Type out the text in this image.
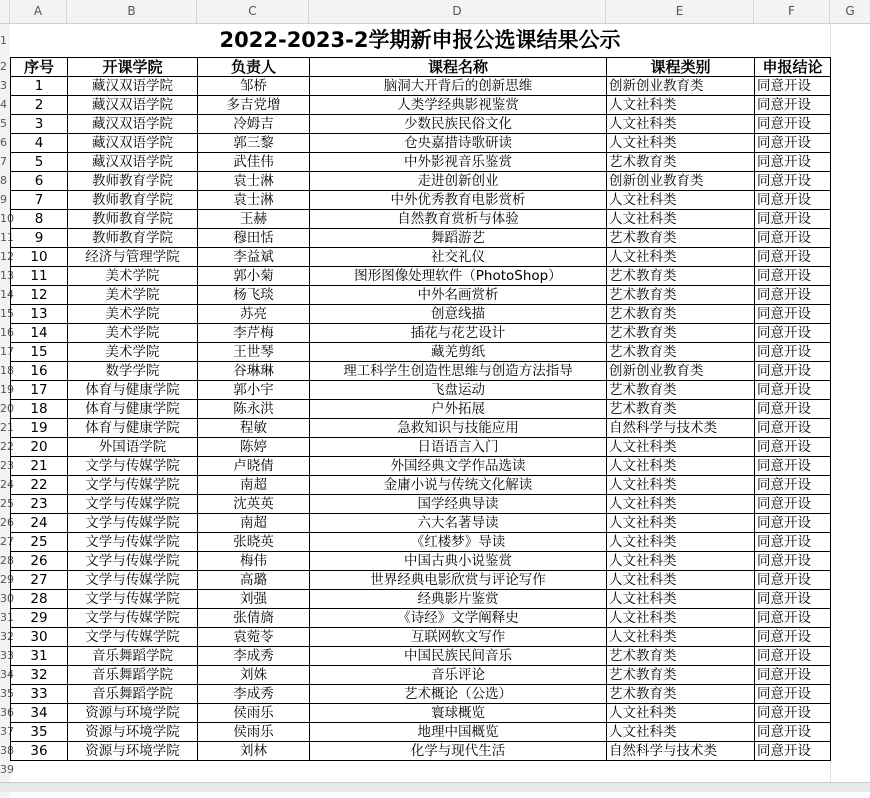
A	B	C	D	E	F	G
1
2
3
4
5
6
7
8
9
10
11
12
13
14
15
16
17
18
19
20
21
22
23
24
25
26
27
28
29
30
31
32
33
34
35
36
37
38
39
2022-2023-2学期新申报公选课结果公示
序号	开课学院	负责人	课程名称	课程类别	申报结论
1	藏汉双语学院	邹桥	脑洞大开背后的创新思维	创新创业教育类	同意开设
2	藏汉双语学院	多吉党增	人类学经典影视鉴赏	人文社科类	同意开设
3	藏汉双语学院	冷姆吉	少数民族民俗文化	人文社科类	同意开设
4	藏汉双语学院	郭三黎	仓央嘉措诗歌研读	人文社科类	同意开设
5	藏汉双语学院	武佳伟	中外影视音乐鉴赏	艺术教育类	同意开设
6	教师教育学院	袁士淋	走进创新创业	创新创业教育类	同意开设
7	教师教育学院	袁士淋	中外优秀教育电影赏析	人文社科类	同意开设
8	教师教育学院	王赫	自然教育赏析与体验	人文社科类	同意开设
9	教师教育学院	穆田恬	舞蹈游艺	艺术教育类	同意开设
10	经济与管理学院	李益斌	社交礼仪	人文社科类	同意开设
11	美术学院	郭小菊	图形图像处理软件（PhotoShop）	艺术教育类	同意开设
12	美术学院	杨飞琰	中外名画赏析	艺术教育类	同意开设
13	美术学院	苏亮	创意线描	艺术教育类	同意开设
14	美术学院	李芹梅	插花与花艺设计	艺术教育类	同意开设
15	美术学院	王世琴	藏羌剪纸	艺术教育类	同意开设
16	数学学院	谷琳琳	理工科学生创造性思维与创造方法指导	创新创业教育类	同意开设
17	体育与健康学院	郭小宇	飞盘运动	艺术教育类	同意开设
18	体育与健康学院	陈永洪	户外拓展	艺术教育类	同意开设
19	体育与健康学院	程敏	急救知识与技能应用	自然科学与技术类	同意开设
20	外国语学院	陈婷	日语语言入门	人文社科类	同意开设
21	文学与传媒学院	卢晓倩	外国经典文学作品选读	人文社科类	同意开设
22	文学与传媒学院	南超	金庸小说与传统文化解读	人文社科类	同意开设
23	文学与传媒学院	沈英英	国学经典导读	人文社科类	同意开设
24	文学与传媒学院	南超	六大名著导读	人文社科类	同意开设
25	文学与传媒学院	张晓英	《红楼梦》导读	人文社科类	同意开设
26	文学与传媒学院	梅伟	中国古典小说鉴赏	人文社科类	同意开设
27	文学与传媒学院	高璐	世界经典电影欣赏与评论写作	人文社科类	同意开设
28	文学与传媒学院	刘强	经典影片鉴赏	人文社科类	同意开设
29	文学与传媒学院	张倩旖	《诗经》文学阐释史	人文社科类	同意开设
30	文学与传媒学院	袁菀苓	互联网软文写作	人文社科类	同意开设
31	音乐舞蹈学院	李成秀	中国民族民间音乐	艺术教育类	同意开设
32	音乐舞蹈学院	刘姝	音乐评论	艺术教育类	同意开设
33	音乐舞蹈学院	李成秀	艺术概论（公选）	艺术教育类	同意开设
34	资源与环境学院	侯雨乐	寰球概览	人文社科类	同意开设
35	资源与环境学院	侯雨乐	地理中国概览	人文社科类	同意开设
36	资源与环境学院	刘林	化学与现代生活	自然科学与技术类	同意开设
